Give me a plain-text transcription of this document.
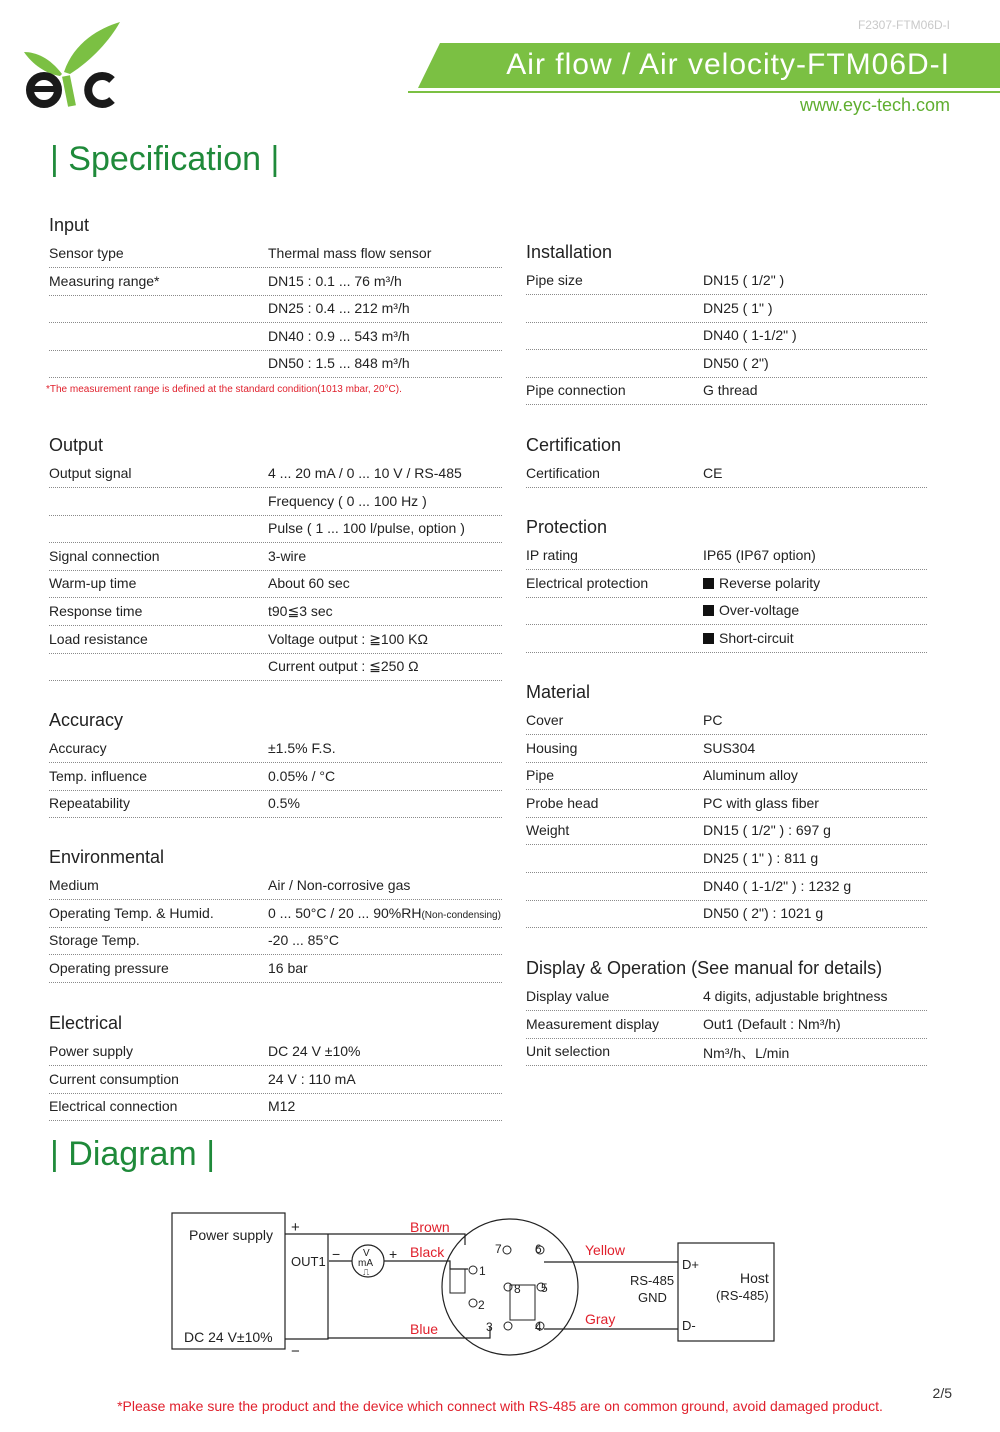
F2307-FTM06D-I
Air flow / Air velocity-FTM06D-I
www.eyc-tech.com
| Specification |
Input
Sensor type	Thermal mass flow sensor
Measuring range*	DN15 : 0.1 ... 76 m³/h
DN25 : 0.4 ... 212 m³/h
DN40 : 0.9 ... 543 m³/h
DN50 : 1.5 ... 848 m³/h
Output
Output signal	4 ... 20 mA / 0 ... 10 V / RS-485
Frequency ( 0 ... 100 Hz )
Pulse ( 1 ... 100 l/pulse, option )
Signal connection	3-wire
Warm-up time	About 60 sec
Response time	t90≦3 sec
Load resistance	Voltage output : ≧100 KΩ
Current output : ≦250 Ω
Accuracy
Accuracy	±1.5% F.S.
Temp. influence	0.05% / °C
Repeatability	0.5%
Environmental
Medium	Air / Non-corrosive gas
Operating Temp. & Humid.	0 ... 50°C / 20 ... 90%RH(Non-condensing)
Storage Temp.	-20 ... 85°C
Operating pressure	16 bar
Electrical
Power supply	DC 24 V ±10%
Current consumption	24 V : 110 mA
Electrical connection	M12
Installation
Pipe size	DN15 ( 1/2" )
DN25 ( 1" )
DN40 ( 1-1/2" )
DN50 ( 2")
Pipe connection	G thread
Certification
Certification	CE
Protection
IP rating	IP65 (IP67 option)
Electrical protection	Reverse polarity
Over-voltage
Short-circuit
Material
Cover	PC
Housing	SUS304
Pipe	Aluminum alloy
Probe head	PC with glass fiber
Weight	DN15 ( 1/2" ) : 697 g
DN25 ( 1" ) : 811 g
DN40 ( 1-1/2" ) : 1232 g
DN50 ( 2") : 1021 g
Display & Operation (See manual for details)
Display value	4 digits, adjustable brightness
Measurement display	Out1 (Default : Nm³/h)
Unit selection	Nm³/h、L/min
*The measurement range is defined at the standard condition(1013 mbar, 20°C).
| Diagram |
Power supply
DC 24 V±10%
+
−
OUT1
Brown
− V
mA
⎍
+ Black
Blue
1
2
3	4
5
6
7
8
Yellow
Gray
RS-485
GND
D+
D-
Host
(RS-485)
2/5
*Please make sure the product and the device which connect with RS-485 are on common ground, avoid damaged product.
